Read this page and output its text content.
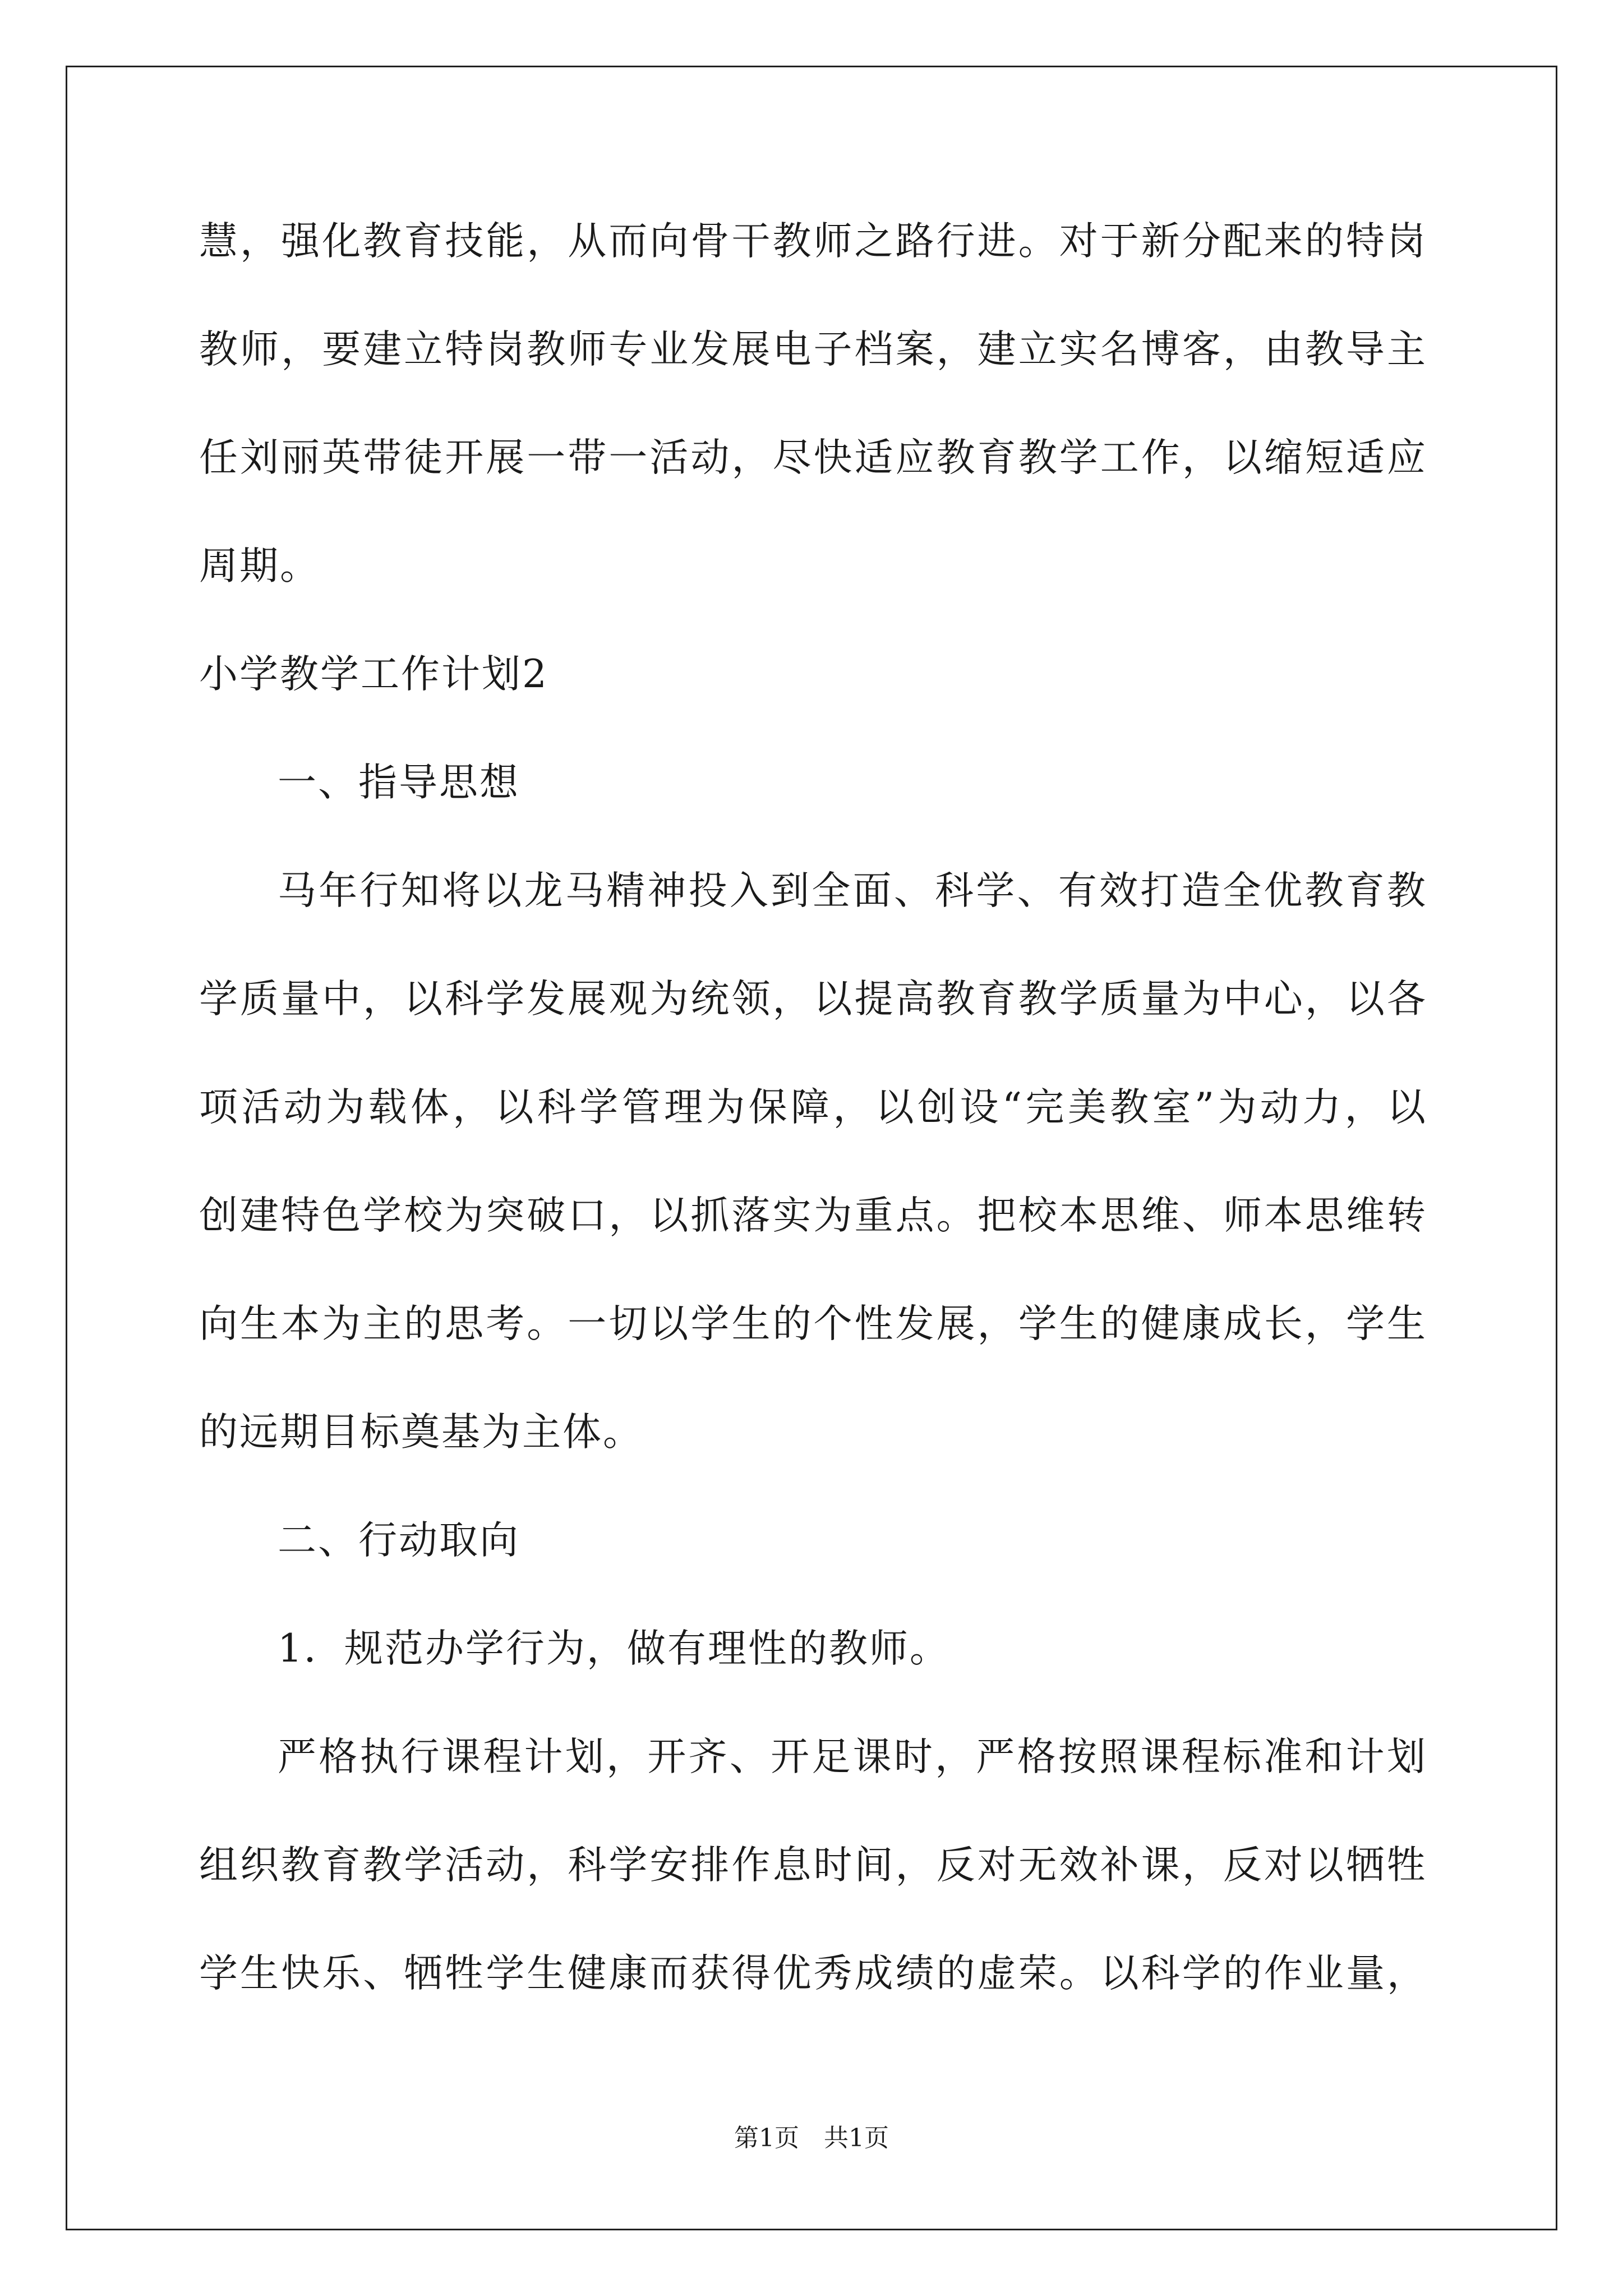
慧，强化教育技能，从而向骨干教师之路行进。对于新分配来的特岗
教师，要建立特岗教师专业发展电子档案，建立实名博客，由教导主
任刘丽英带徒开展一带一活动，尽快适应教育教学工作，以缩短适应
周期。
小学教学工作计划2
一、指导思想
马年行知将以龙马精神投入到全面、科学、有效打造全优教育教
学质量中，以科学发展观为统领，以提高教育教学质量为中心，以各
项活动为载体，以科学管理为保障，以创设“完美教室”为动力，以
创建特色学校为突破口，以抓落实为重点。把校本思维、师本思维转
向生本为主的思考。一切以学生的个性发展，学生的健康成长，学生
的远期目标奠基为主体。
二、行动取向
1．规范办学行为，做有理性的教师。
严格执行课程计划，开齐、开足课时，严格按照课程标准和计划
组织教育教学活动，科学安排作息时间，反对无效补课，反对以牺牲
学生快乐、牺牲学生健康而获得优秀成绩的虚荣。以科学的作业量，
第1页　共1页
